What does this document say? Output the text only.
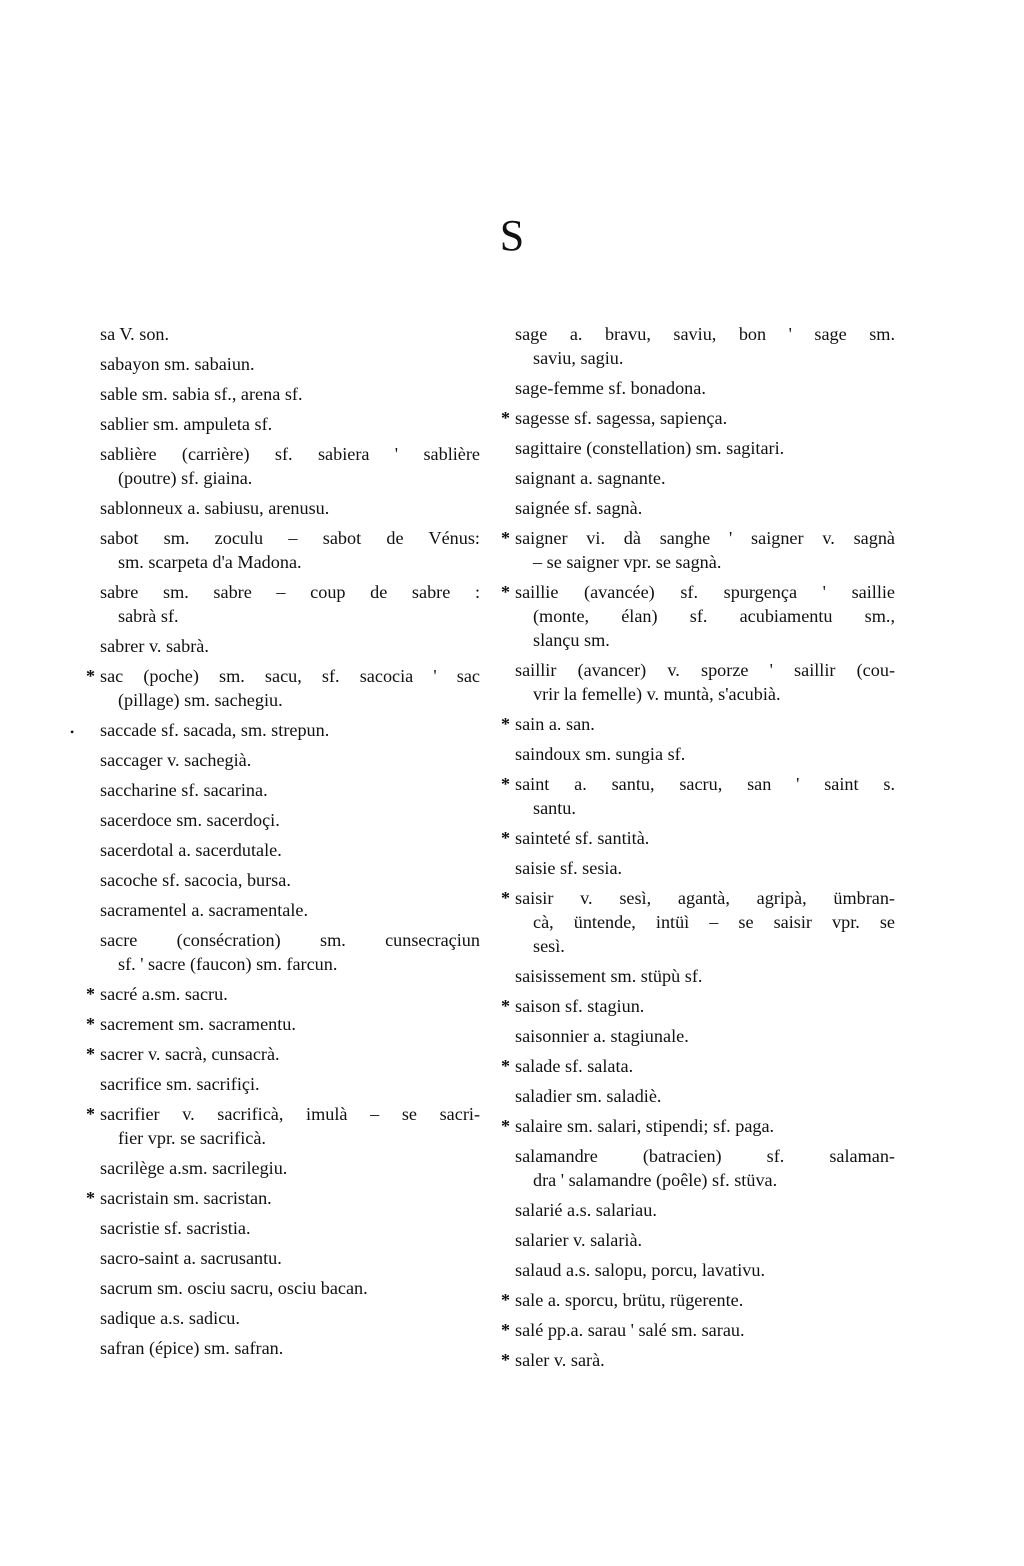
S
sa V. son.
sabayon sm. sabaiun.
sable sm. sabia sf., arena sf.
sablier sm. ampuleta sf.
sablière (carrière) sf. sabiera ' sablière
(poutre) sf. giaina.
sablonneux a. sabiusu, arenusu.
sabot sm. zoculu – sabot de Vénus:
sm. scarpeta d'a Madona.
sabre sm. sabre – coup de sabre :
sabrà sf.
sabrer v. sabrà.
* sac (poche) sm. sacu, sf. sacocia ' sac
(pillage) sm. sachegiu.
• saccade sf. sacada, sm. strepun.
saccager v. sachegià.
saccharine sf. sacarina.
sacerdoce sm. sacerdoçi.
sacerdotal a. sacerdutale.
sacoche sf. sacocia, bursa.
sacramentel a. sacramentale.
sacre (consécration) sm. cunsecraçiun
sf. ' sacre (faucon) sm. farcun.
* sacré a.sm. sacru.
* sacrement sm. sacramentu.
* sacrer v. sacrà, cunsacrà.
sacrifice sm. sacrifiçi.
* sacrifier v. sacrificà, imulà – se sacri-
fier vpr. se sacrificà.
sacrilège a.sm. sacrilegiu.
* sacristain sm. sacristan.
sacristie sf. sacristia.
sacro-saint a. sacrusantu.
sacrum sm. osciu sacru, osciu bacan.
sadique a.s. sadicu.
safran (épice) sm. safran.
sage a. bravu, saviu, bon ' sage sm.
saviu, sagiu.
sage-femme sf. bonadona.
* sagesse sf. sagessa, sapiença.
sagittaire (constellation) sm. sagitari.
saignant a. sagnante.
saignée sf. sagnà.
* saigner vi. dà sanghe ' saigner v. sagnà
– se saigner vpr. se sagnà.
* saillie (avancée) sf. spurgença ' saillie
(monte, élan) sf. acubiamentu sm.,
slançu sm.
saillir (avancer) v. sporze ' saillir (cou-
vrir la femelle) v. muntà, s'acubià.
* sain a. san.
saindoux sm. sungia sf.
* saint a. santu, sacru, san ' saint s.
santu.
* sainteté sf. santità.
saisie sf. sesia.
* saisir v. sesì, agantà, agripà, ümbran-
cà, üntende, intüì – se saisir vpr. se
sesì.
saisissement sm. stüpù sf.
* saison sf. stagiun.
saisonnier a. stagiunale.
* salade sf. salata.
saladier sm. saladiè.
* salaire sm. salari, stipendi; sf. paga.
salamandre (batracien) sf. salaman-
dra ' salamandre (poêle) sf. stüva.
salarié a.s. salariau.
salarier v. salarià.
salaud a.s. salopu, porcu, lavativu.
* sale a. sporcu, brütu, rügerente.
* salé pp.a. sarau ' salé sm. sarau.
* saler v. sarà.
